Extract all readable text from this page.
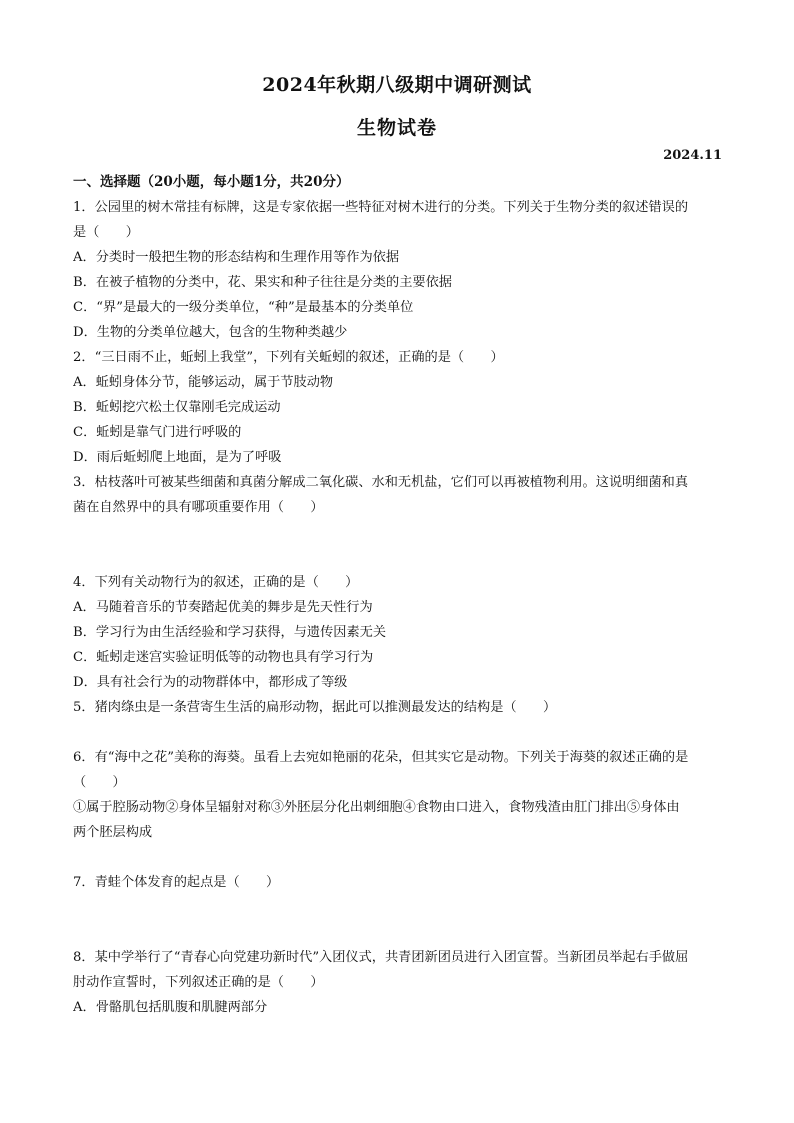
2024年秋期八级期中调研测试
生物试卷
2024.11
一、选择题（20小题，每小题1分，共20分）
1．公园里的树木常挂有标牌，这是专家依据一些特征对树木进行的分类。下列关于生物分类的叙述错误的
是（　　）
A．分类时一般把生物的形态结构和生理作用等作为依据
B．在被子植物的分类中，花、果实和种子往往是分类的主要依据
C．“界”是最大的一级分类单位，“种”是最基本的分类单位
D．生物的分类单位越大，包含的生物种类越少
2．“三日雨不止，蚯蚓上我堂”，下列有关蚯蚓的叙述，正确的是（　　）
A．蚯蚓身体分节，能够运动，属于节肢动物
B．蚯蚓挖穴松土仅靠刚毛完成运动
C．蚯蚓是靠气门进行呼吸的
D．雨后蚯蚓爬上地面，是为了呼吸
3．枯枝落叶可被某些细菌和真菌分解成二氧化碳、水和无机盐，它们可以再被植物利用。这说明细菌和真
菌在自然界中的具有哪项重要作用（　　）
4．下列有关动物行为的叙述，正确的是（　　）
A．马随着音乐的节奏踏起优美的舞步是先天性行为
B．学习行为由生活经验和学习获得，与遗传因素无关
C．蚯蚓走迷宫实验证明低等的动物也具有学习行为
D．具有社会行为的动物群体中，都形成了等级
5．猪肉绦虫是一条营寄生生活的扁形动物，据此可以推测最发达的结构是（　　）
6．有“海中之花”美称的海葵。虽看上去宛如艳丽的花朵，但其实它是动物。下列关于海葵的叙述正确的是
（　　）
①属于腔肠动物②身体呈辐射对称③外胚层分化出刺细胞④食物由口进入，食物残渣由肛门排出⑤身体由
两个胚层构成
7．青蛙个体发育的起点是（　　）
8．某中学举行了“青春心向党建功新时代”入团仪式，共青团新团员进行入团宣誓。当新团员举起右手做屈
肘动作宣誓时，下列叙述正确的是（　　）
A．骨骼肌包括肌腹和肌腱两部分
